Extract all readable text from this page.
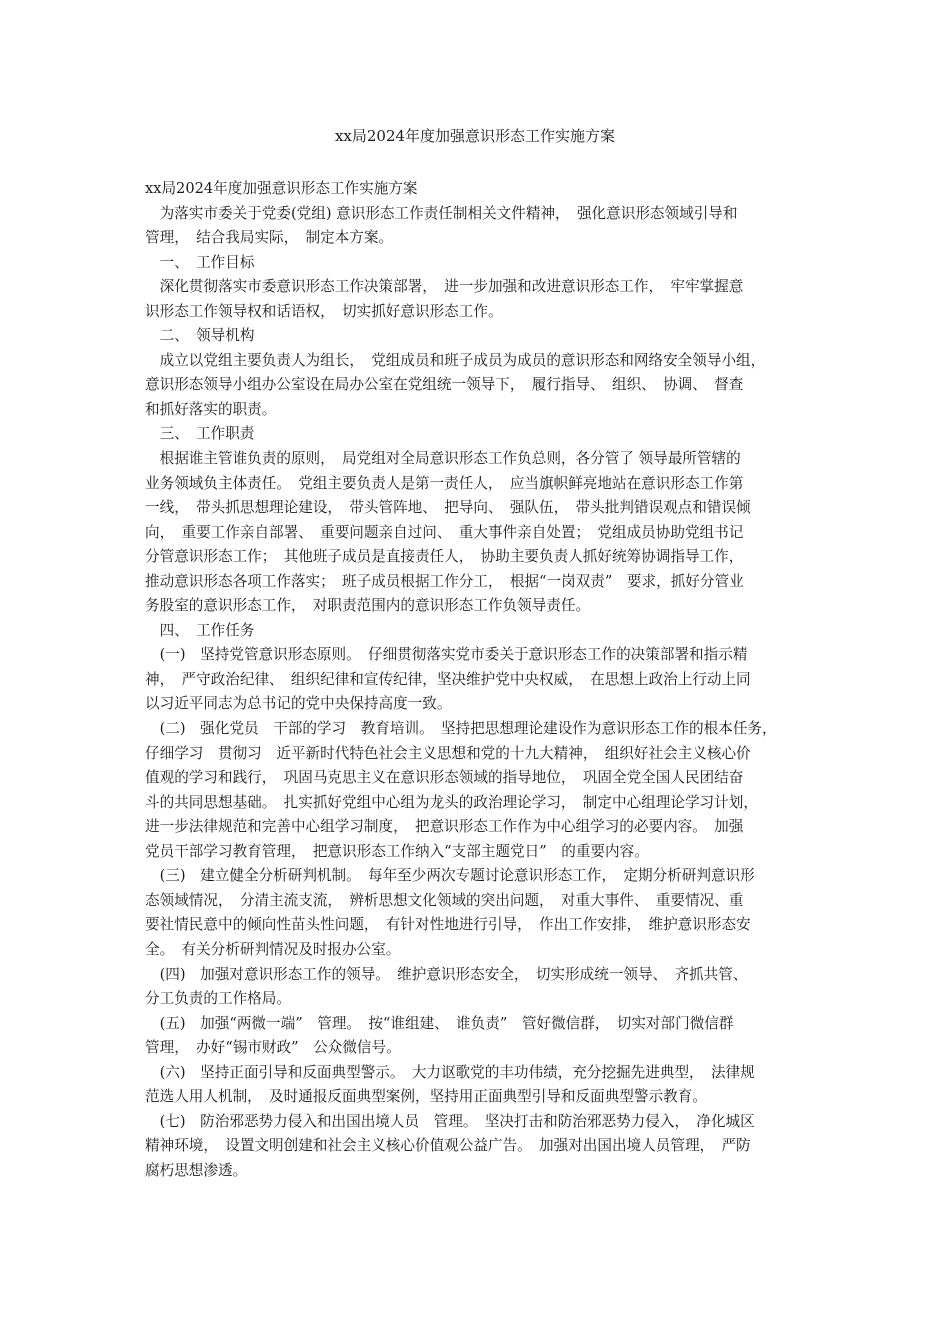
xx局2024年度加强意识形态工作实施方案
xx局2024年度加强意识形态工作实施方案
　为落实市委关于党委(党组) 意识形态工作责任制相关文件精神，　强化意识形态领域引导和
管理，　结合我局实际，　制定本方案。
　一、　工作目标
　深化贯彻落实市委意识形态工作决策部署，　进一步加强和改进意识形态工作，　牢牢掌握意
识形态工作领导权和话语权，　切实抓好意识形态工作。
　二、　领导机构
　成立以党组主要负责人为组长，　党组成员和班子成员为成员的意识形态和网络安全领导小组，
意识形态领导小组办公室设在局办公室在党组统一领导下，　履行指导、　组织、　协调、　督查
和抓好落实的职责。
　三、　工作职责
　根据谁主管谁负责的原则，　局党组对全局意识形态工作负总则，各分管了 领导最所管辖的
业务领域负主体责任。　党组主要负责人是第一责任人，　应当旗帜鲜亮地站在意识形态工作第
一线，　带头抓思想理论建设，　带头管阵地、　把导向、　强队伍，　带头批判错误观点和错误倾
向，　重要工作亲自部署、　重要问题亲自过问、　重大事件亲自处置；　党组成员协助党组书记
分管意识形态工作；　其他班子成员是直接责任人，　协助主要负责人抓好统筹协调指导工作，
推动意识形态各项工作落实；　班子成员根据工作分工，　根据“一岗双责”　要求，抓好分管业
务股室的意识形态工作，　对职责范围内的意识形态工作负领导责任。
　四、　工作任务
　(一)　坚持党管意识形态原则。　仔细贯彻落实党市委关于意识形态工作的决策部署和指示精
神，　严守政治纪律、　组织纪律和宣传纪律，坚决维护党中央权威，　在思想上政治上行动上同
以习近平同志为总书记的党中央保持高度一致。
　(二)　强化党员　干部的学习　教育培训。　坚持把思想理论建设作为意识形态工作的根本任务，
仔细学习　贯彻习　近平新时代特色社会主义思想和党的十九大精神，　组织好社会主义核心价
值观的学习和践行，　巩固马克思主义在意识形态领域的指导地位，　巩固全党全国人民团结奋
斗的共同思想基础。　扎实抓好党组中心组为龙头的政治理论学习，　制定中心组理论学习计划，
进一步法律规范和完善中心组学习制度，　把意识形态工作作为中心组学习的必要内容。　加强
党员干部学习教育管理，　把意识形态工作纳入“支部主题党日”　的重要内容。
　(三)　建立健全分析研判机制。　每年至少两次专题讨论意识形态工作，　定期分析研判意识形
态领域情况，　分清主流支流，　辨析思想文化领域的突出问题，　对重大事件、　重要情况、重
要社情民意中的倾向性苗头性问题，　有针对性地进行引导，　作出工作安排，　维护意识形态安
全。　有关分析研判情况及时报办公室。
　(四)　加强对意识形态工作的领导。　维护意识形态安全，　切实形成统一领导、　齐抓共管、
分工负责的工作格局。
　(五)　加强“两微一端”　管理。　按“谁组建、　谁负责”　管好微信群，　切实对部门微信群
管理，　办好“锡市财政”　公众微信号。
　(六)　坚持正面引导和反面典型警示。　大力讴歌党的丰功伟绩，充分挖掘先进典型，　法律规
范选人用人机制，　及时通报反面典型案例，坚持用正面典型引导和反面典型警示教育。
　(七)　防治邪恶势力侵入和出国出境人员　管理。　坚决打击和防治邪恶势力侵入，　净化城区
精神环境，　设置文明创建和社会主义核心价值观公益广告。　加强对出国出境人员管理，　严防
腐朽思想渗透。
